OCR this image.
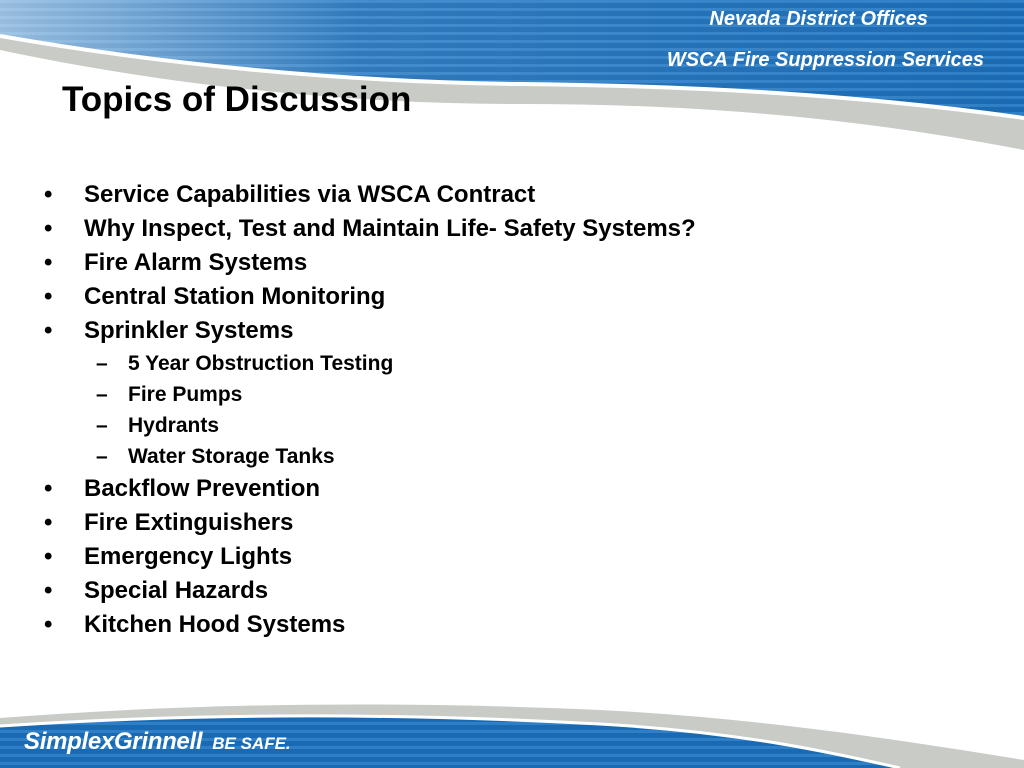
Nevada District Offices
WSCA Fire Suppression Services
Topics of Discussion
• Service Capabilities via WSCA Contract
• Why Inspect, Test and Maintain Life- Safety Systems?
• Fire Alarm Systems
• Central Station Monitoring
• Sprinkler Systems
– 5 Year Obstruction Testing
– Fire Pumps
– Hydrants
– Water Storage Tanks
• Backflow Prevention
• Fire Extinguishers
• Emergency Lights
• Special Hazards
• Kitchen Hood Systems
SimplexGrinnell BE SAFE.
